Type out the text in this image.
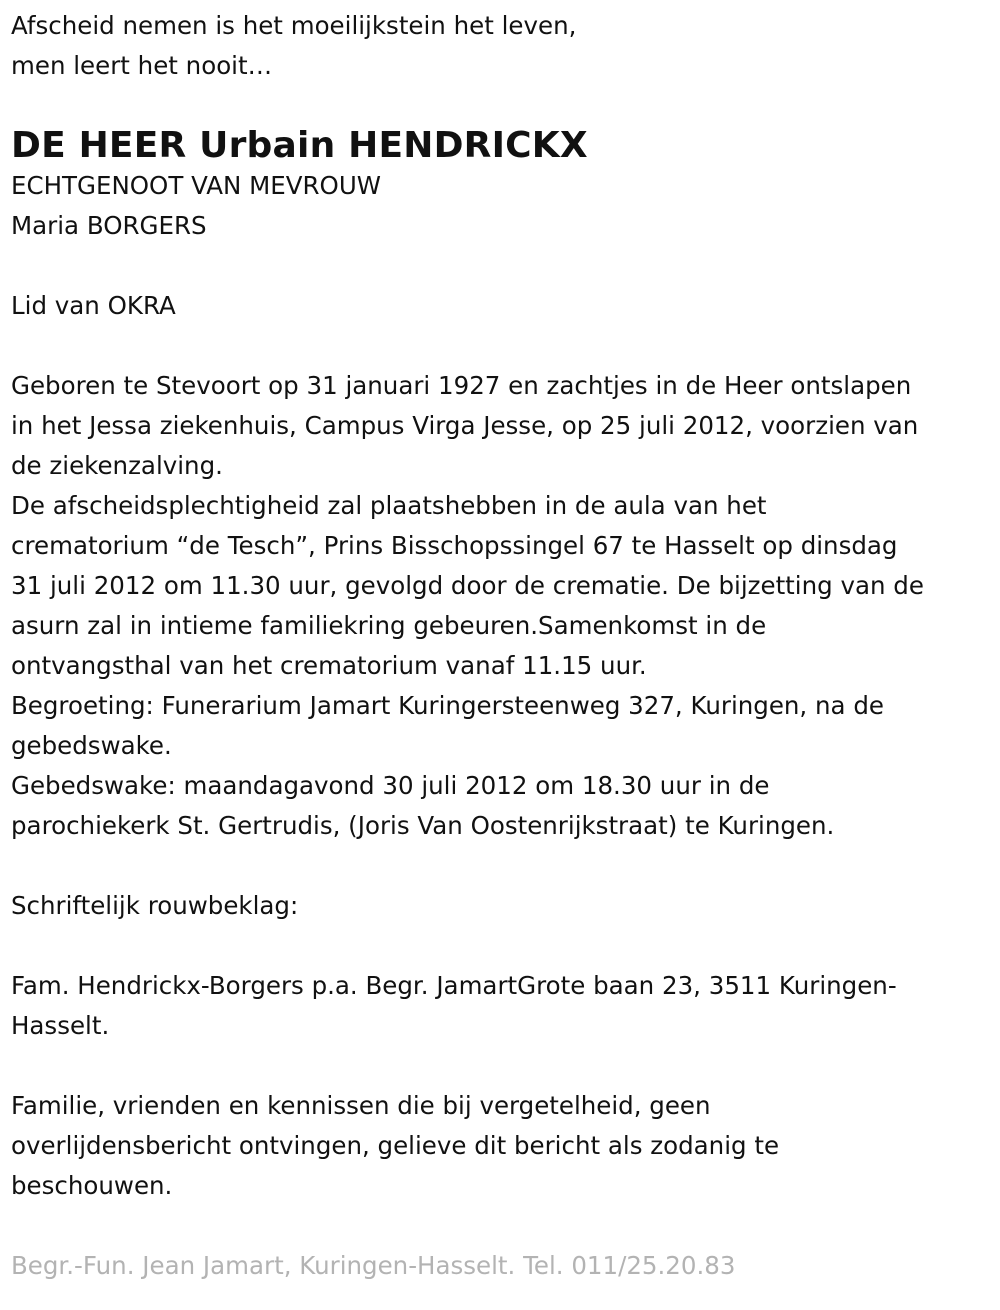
Afscheid nemen is het moeilijkstein het leven,

men leert het nooit…

DE HEER Urbain HENDRICKX

ECHTGENOOT VAN MEVROUW

Maria BORGERS

Lid van OKRA

Geboren te Stevoort op 31 januari 1927 en zachtjes in de Heer ontslapen

in het Jessa ziekenhuis, Campus Virga Jesse, op 25 juli 2012, voorzien van

de ziekenzalving.

De afscheidsplechtigheid zal plaatshebben in de aula van het

crematorium “de Tesch”, Prins Bisschopssingel 67 te Hasselt op dinsdag

31 juli 2012 om 11.30 uur, gevolgd door de crematie. De bijzetting van de

asurn zal in intieme familiekring gebeuren.Samenkomst in de

ontvangsthal van het crematorium vanaf 11.15 uur.

Begroeting: Funerarium Jamart Kuringersteenweg 327, Kuringen, na de

gebedswake.

Gebedswake: maandagavond 30 juli 2012 om 18.30 uur in de

parochiekerk St. Gertrudis, (Joris Van Oostenrijkstraat) te Kuringen.

Schriftelijk rouwbeklag:

Fam. Hendrickx-Borgers p.a. Begr. JamartGrote baan 23, 3511 Kuringen-

Hasselt.

Familie, vrienden en kennissen die bij vergetelheid, geen

overlijdensbericht ontvingen, gelieve dit bericht als zodanig te

beschouwen.

Begr.-Fun. Jean Jamart, Kuringen-Hasselt. Tel. 011/25.20.83
